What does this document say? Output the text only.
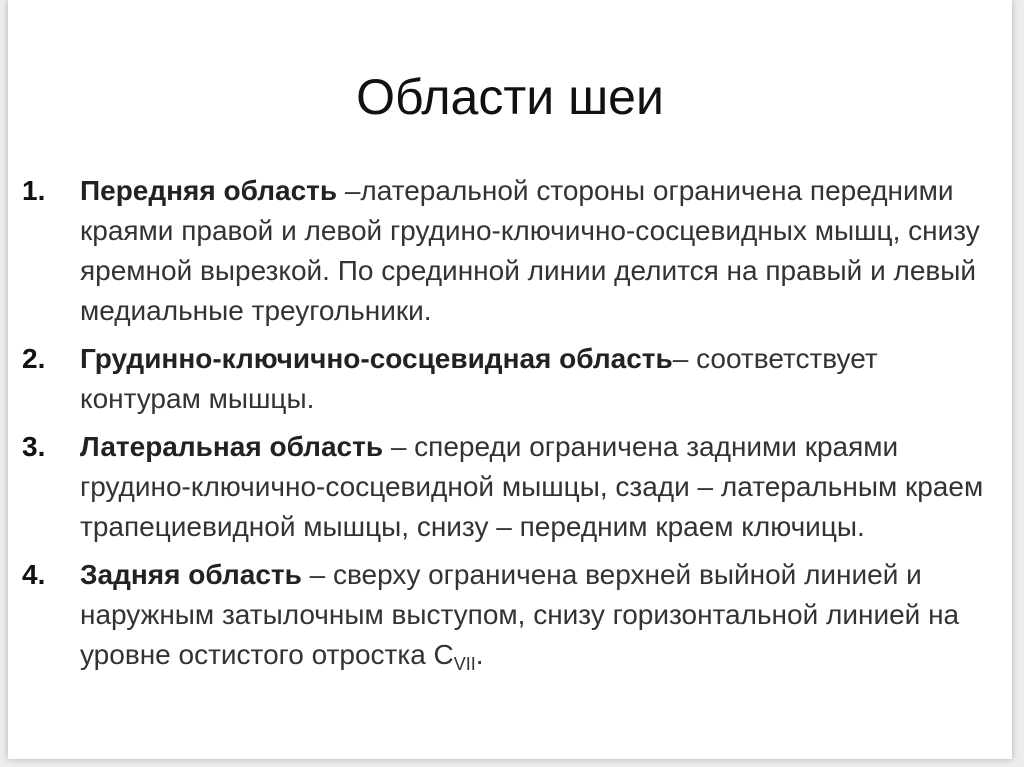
Области шеи
1. Передняя область –латеральной стороны ограничена передними краями правой и левой грудино-ключично-сосцевидных мышц, снизу яремной вырезкой. По срединной линии делится на правый и левый медиальные треугольники.
2. Грудинно-ключично-сосцевидная область– соответствует контурам мышцы.
3. Латеральная область – спереди ограничена задними краями грудино-ключично-сосцевидной мышцы, сзади – латеральным краем трапециевидной мышцы, снизу – передним краем ключицы.
4. Задняя область – сверху ограничена верхней выйной линией и наружным затылочным выступом, снизу горизонтальной линией на уровне остистого отростка $С_{VII}$.
